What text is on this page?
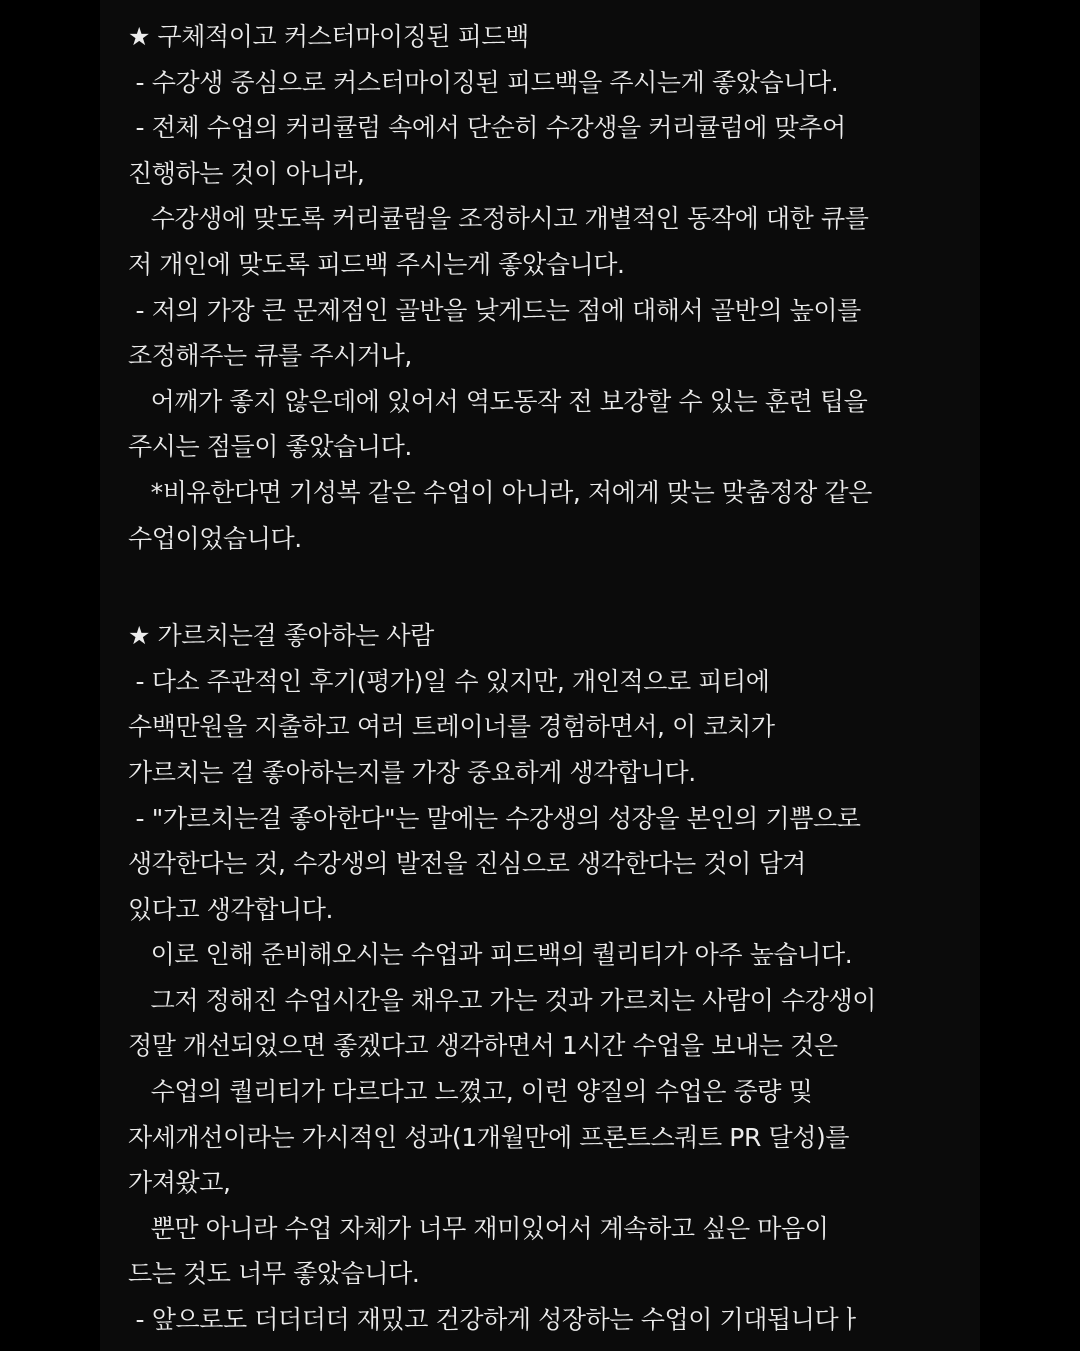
★ 구체적이고 커스터마이징된 피드백
- 수강생 중심으로 커스터마이징된 피드백을 주시는게 좋았습니다.
- 전체 수업의 커리큘럼 속에서 단순히 수강생을 커리큘럼에 맞추어
진행하는 것이 아니라,
수강생에 맞도록 커리큘럼을 조정하시고 개별적인 동작에 대한 큐를
저 개인에 맞도록 피드백 주시는게 좋았습니다.
- 저의 가장 큰 문제점인 골반을 낮게드는 점에 대해서 골반의 높이를
조정해주는 큐를 주시거나,
어깨가 좋지 않은데에 있어서 역도동작 전 보강할 수 있는 훈련 팁을
주시는 점들이 좋았습니다.
*비유한다면 기성복 같은 수업이 아니라, 저에게 맞는 맞춤정장 같은
수업이었습니다.
★ 가르치는걸 좋아하는 사람
- 다소 주관적인 후기(평가)일 수 있지만, 개인적으로 피티에
수백만원을 지출하고 여러 트레이너를 경험하면서, 이 코치가
가르치는 걸 좋아하는지를 가장 중요하게 생각합니다.
- "가르치는걸 좋아한다"는 말에는 수강생의 성장을 본인의 기쁨으로
생각한다는 것, 수강생의 발전을 진심으로 생각한다는 것이 담겨
있다고 생각합니다.
이로 인해 준비해오시는 수업과 피드백의 퀄리티가 아주 높습니다.
그저 정해진 수업시간을 채우고 가는 것과 가르치는 사람이 수강생이
정말 개선되었으면 좋겠다고 생각하면서 1시간 수업을 보내는 것은
수업의 퀄리티가 다르다고 느꼈고, 이런 양질의 수업은 중량 및
자세개선이라는 가시적인 성과(1개월만에 프론트스쿼트 PR 달성)를
가져왔고,
뿐만 아니라 수업 자체가 너무 재미있어서 계속하고 싶은 마음이
드는 것도 너무 좋았습니다.
- 앞으로도 더더더더 재밌고 건강하게 성장하는 수업이 기대됩니다ㅏ
